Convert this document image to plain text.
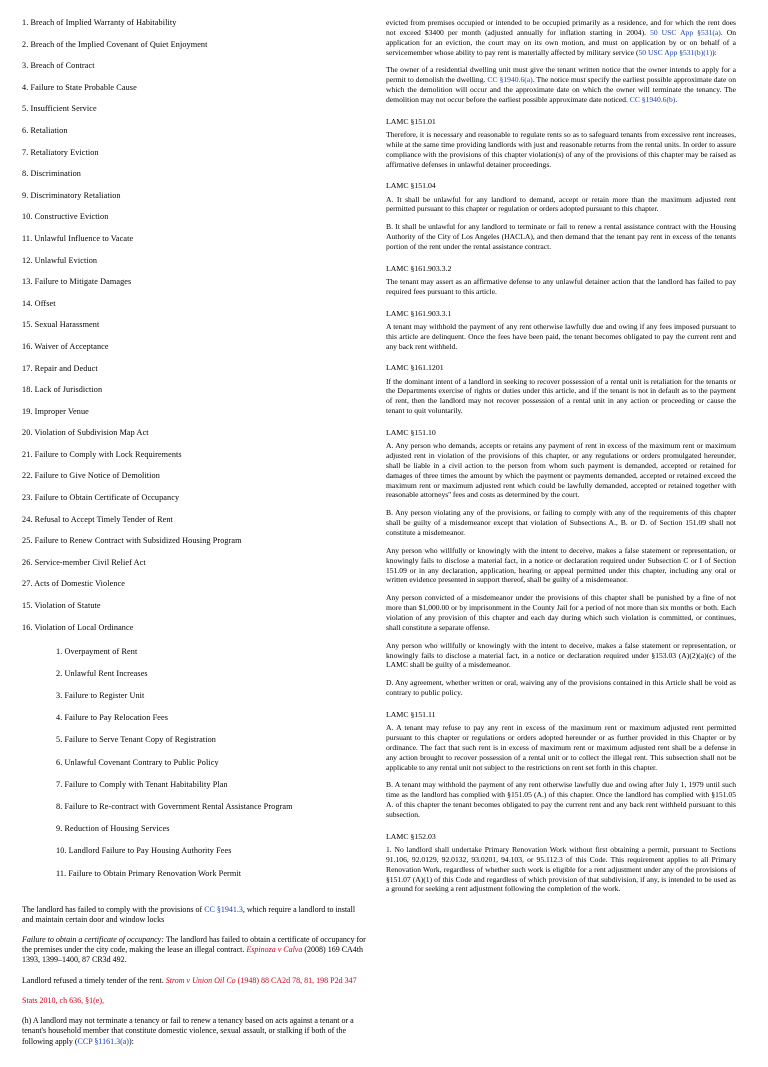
1. Breach of Implied Warranty of Habitability
2. Breach of the Implied Covenant of Quiet Enjoyment
3. Breach of Contract
4. Failure to State Probable Cause
5. Insufficient Service
6. Retaliation
7. Retaliatory Eviction
8. Discrimination
9. Discriminatory Retaliation
10. Constructive Eviction
11. Unlawful Influence to Vacate
12. Unlawful Eviction
13. Failure to Mitigate Damages
14. Offset
15. Sexual Harassment
16. Waiver of Acceptance
17. Repair and Deduct
18. Lack of Jurisdiction
19. Improper Venue
20. Violation of Subdivision Map Act
21. Failure to Comply with Lock Requirements
22. Failure to Give Notice of Demolition
23. Failure to Obtain Certificate of Occupancy
24. Refusal to Accept Timely Tender of Rent
25. Failure to Renew Contract with Subsidized Housing Program
26. Service-member Civil Relief Act
27. Acts of Domestic Violence
15. Violation of Statute
16. Violation of Local Ordinance
1. Overpayment of Rent
2. Unlawful Rent Increases
3. Failure to Register Unit
4. Failure to Pay Relocation Fees
5. Failure to Serve Tenant Copy of Registration
6. Unlawful Covenant Contrary to Public Policy
7. Failure to Comply with Tenant Habitability Plan
8. Failure to Re-contract with Government Rental Assistance Program
9. Reduction of Housing Services
10. Landlord Failure to Pay Housing Authority Fees
11. Failure to Obtain Primary Renovation Work Permit
The landlord has failed to comply with the provisions of CC §1941.3, which require a landlord to install and maintain certain door and window locks
Failure to obtain a certificate of occupancy: The landlord has failed to obtain a certificate of occupancy for the premises under the city code, making the lease an illegal contract. Espinoza v Calva (2008) 169 CA4th 1393, 1399–1400, 87 CR3d 492.
Landlord refused a timely tender of the rent. Strom v Union Oil Co (1948) 88 CA2d 78, 81, 198 P2d 347
Stats 2010, ch 636, §1(e),
(h) A landlord may not terminate a tenancy or fail to renew a tenancy based on acts against a tenant or a tenant's household member that constitute domestic violence, sexual assault, or stalking if both of the following apply (CCP §1161.3(a)):
evicted from premises occupied or intended to be occupied primarily as a residence, and for which the rent does not exceed $3400 per month (adjusted annually for inflation starting in 2004). 50 USC App §531(a). On application for an eviction, the court may on its own motion, and must on application by or on behalf of a servicemember whose ability to pay rent is materially affected by military service (50 USC App §531(b)(1)):
The owner of a residential dwelling unit must give the tenant written notice that the owner intends to apply for a permit to demolish the dwelling. CC §1940.6(a). The notice must specify the earliest possible approximate date on which the demolition will occur and the approximate date on which the owner will terminate the tenancy. The demolition may not occur before the earliest possible approximate date noticed. CC §1940.6(b).
LAMC §151.01
Therefore, it is necessary and reasonable to regulate rents so as to safeguard tenants from excessive rent increases, while at the same time providing landlords with just and reasonable returns from the rental units. In order to assure compliance with the provisions of this chapter violation(s) of any of the provisions of this chapter may be raised as affirmative defenses in unlawful detainer proceedings.
LAMC §151.04
A. It shall be unlawful for any landlord to demand, accept or retain more than the maximum adjusted rent permitted pursuant to this chapter or regulation or orders adopted pursuant to this chapter.
B. It shall be unlawful for any landlord to terminate or fail to renew a rental assistance contract with the Housing Authority of the City of Los Angeles (HACLA), and then demand that the tenant pay rent in excess of the tenants portion of the rent under the rental assistance contract.
LAMC §161.903.3.2
The tenant may assert as an affirmative defense to any unlawful detainer action that the landlord has failed to pay required fees pursuant to this article.
LAMC §161.903.3.1
A tenant may withhold the payment of any rent otherwise lawfully due and owing if any fees imposed pursuant to this article are delinquent. Once the fees have been paid, the tenant becomes obligated to pay the current rent and any back rent withheld.
LAMC §161.1201
If the dominant intent of a landlord in seeking to recover possession of a rental unit is retaliation for the tenants or the Departments exercise of rights or duties under this article, and if the tenant is not in default as to the payment of rent, then the landlord may not recover possession of a rental unit in any action or proceeding or cause the tenant to quit voluntarily.
LAMC §151.10
A. Any person who demands, accepts or retains any payment of rent in excess of the maximum rent or maximum adjusted rent in violation of the provisions of this chapter, or any regulations or orders promulgated hereunder, shall be liable in a civil action to the person from whom such payment is demanded, accepted or retained for damages of three times the amount by which the payment or payments demanded, accepted or retained exceed the maximum rent or maximum adjusted rent which could be lawfully demanded, accepted or retained together with reasonable attorneys'' fees and costs as determined by the court.
B. Any person violating any of the provisions, or failing to comply with any of the requirements of this chapter shall be guilty of a misdemeanor except that violation of Subsections A., B. or D. of Section 151.09 shall not constitute a misdemeanor.
Any person who willfully or knowingly with the intent to deceive, makes a false statement or representation, or knowingly fails to disclose a material fact, in a notice or declaration required under Subsection C or I of Section 151.09 or in any declaration, application, hearing or appeal permitted under this chapter, including any oral or written evidence presented in support thereof, shall be guilty of a misdemeanor.
Any person convicted of a misdemeanor under the provisions of this chapter shall be punished by a fine of not more than $1,000.00 or by imprisonment in the County Jail for a period of not more than six months or both. Each violation of any provision of this chapter and each day during which such violation is committed, or continues, shall constitute a separate offense.
Any person who willfully or knowingly with the intent to deceive, makes a false statement or representation, or knowingly fails to disclose a material fact, in a notice or declaration required under §153.03 (A)(2)(a)(c) of the LAMC shall be guilty of a misdemeanor.
D. Any agreement, whether written or oral, waiving any of the provisions contained in this Article shall be void as contrary to public policy.
LAMC §151.11
A. A tenant may refuse to pay any rent in excess of the maximum rent or maximum adjusted rent permitted pursuant to this chapter or regulations or orders adopted hereunder or as further provided in this Chapter or by ordinance. The fact that such rent is in excess of maximum rent or maximum adjusted rent shall be a defense in any action brought to recover possession of a rental unit or to collect the illegal rent. This subsection shall not be applicable to any rental unit not subject to the restrictions on rent set forth in this chapter.
B. A tenant may withhold the payment of any rent otherwise lawfully due and owing after July 1, 1979 until such time as the landlord has complied with §151.05 (A.) of this chapter. Once the landlord has complied with §151.05 A. of this chapter the tenant becomes obligated to pay the current rent and any back rent withheld pursuant to this subsection.
LAMC §152.03
1. No landlord shall undertake Primary Renovation Work without first obtaining a permit, pursuant to Sections 91.106, 92.0129, 92.0132, 93.0201, 94.103, or 95.112.3 of this Code. This requirement applies to all Primary Renovation Work, regardless of whether such work is eligible for a rent adjustment under any of the provisions of §151.07 (A)(1) of this Code and regardless of which provision of that subdivision, if any, is intended to be used as a ground for seeking a rent adjustment following the completion of the work.
